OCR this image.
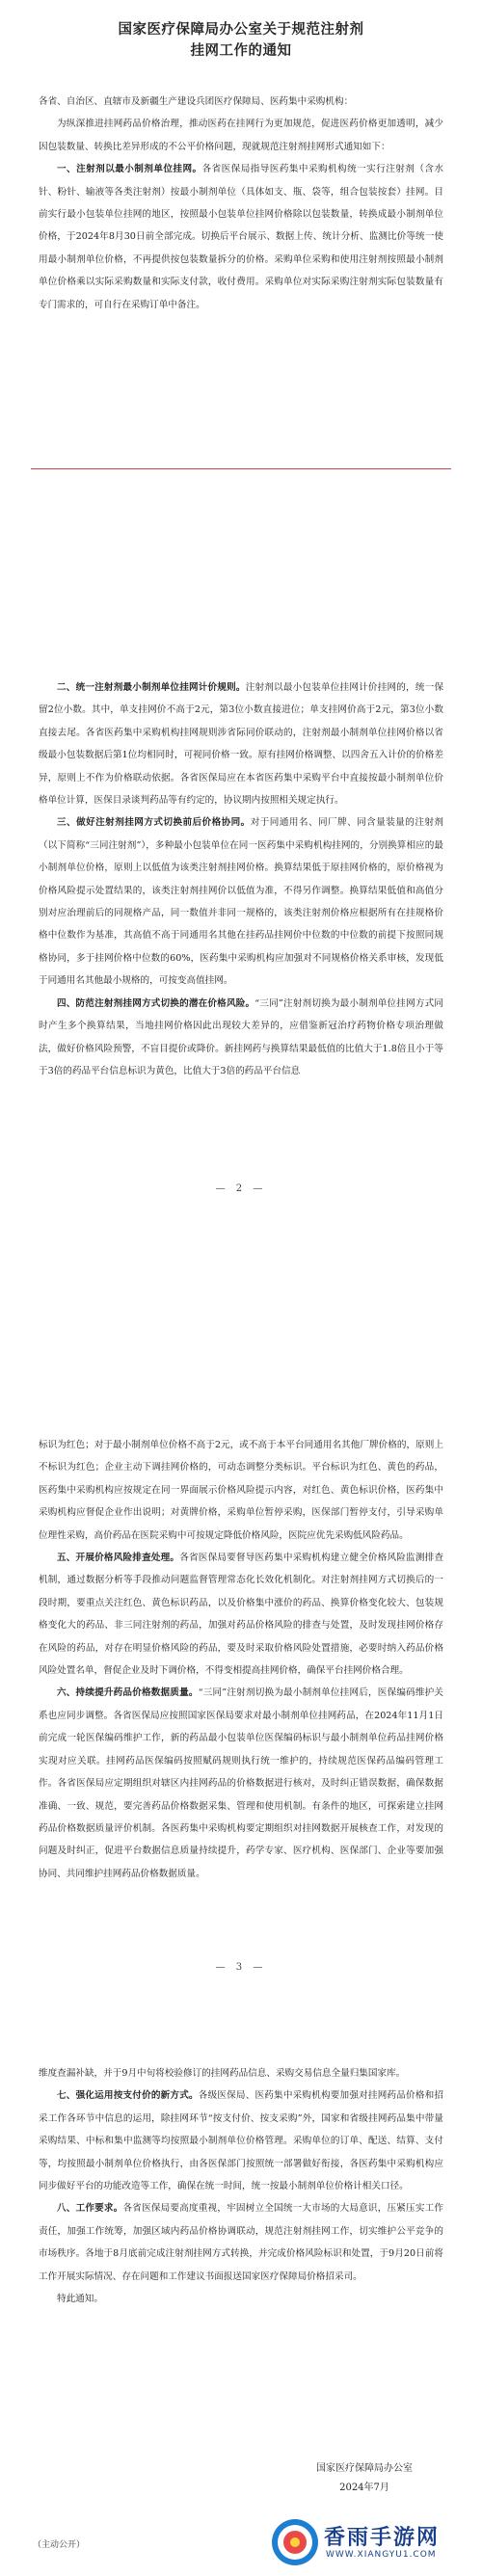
国家医疗保障局办公室关于规范注射剂
挂网工作的通知

各省、自治区、直辖市及新疆生产建设兵团医疗保障局、医药集中采购机构：

为纵深推进挂网药品价格治理，推动医药在挂网行为更加规范，促进医药价格更加透明，减少因包装数量、转换比差异形成的不公平价格问题，现就规范注射剂挂网形式通知如下：

一、注射剂以最小制剂单位挂网。各省医保局指导医药集中采购机构统一实行注射剂（含水针、粉针、输液等各类注射剂）按最小制剂单位（具体如支、瓶、袋等，组合包装按套）挂网。目前实行最小包装单位挂网的地区，按照最小包装单位挂网价格除以包装数量，转换成最小制剂单位价格，于2024年8月30日前全部完成。切换后平台展示、数据上传、统计分析、监测比价等统一使用最小制剂单位价格，不再提供按包装数量拆分的价格。采购单位采购和使用注射剂按照最小制剂单位价格乘以实际采购数量和实际支付款，收付费用。采购单位对实际采购注射剂实际包装数量有专门需求的，可自行在采购订单中备注。

二、统一注射剂最小制剂单位挂网计价规则。注射剂以最小包装单位挂网计价挂网的，统一保留2位小数。其中，单支挂网价不高于2元，第3位小数直接进位；单支挂网价高于2元，第3位小数直接去尾。各省医药集中采购机构挂网规则涉省际同价联动的，注射剂最小制剂单位挂网价格以省级最小包装数据后第1位均相同时，可视同价格一致。原有挂网价格调整、以四舍五入计价的价格差异，原则上不作为价格联动依据。各省医保局应在本省医药集中采购平台中直接按最小制剂单位价格单位计算，医保目录谈判药品等有约定的，协议期内按照相关规定执行。

三、做好注射剂挂网方式切换前后价格协同。对于同通用名、同厂牌、同含量装量的注射剂（以下简称“三同注射剂”），多种最小包装单位在同一医药集中采购机构挂网的，分别换算相应的最小制剂单位价格，原则上以低值为该类注射剂挂网价格。换算结果低于原挂网价格的，原价格视为价格风险提示处置结果的，该类注射剂挂网价以低值为准，不得另作调整。换算结果低值和高值分别对应治理前后的同规格产品，同一数值并非同一规格的，该类注射剂价格应根据所有在挂规格价格中位数作为基准，其高值不高于同通用名其他在挂药品挂网价中位数的中位数的前提下按照同规格协同，多于挂网价格中位数的60%，医药集中采购机构应加强对不同规格价格关系审核，发现低于同通用名其他最小规格的，可按变高值挂网。

四、防范注射剂挂网方式切换的潜在价格风险。“三同”注射剂切换为最小制剂单位挂网方式同时产生多个换算结果，当地挂网价格因此出现较大差异的，应借鉴新冠治疗药物价格专项治理做法，做好价格风险预警，不盲目提价或降价。新挂网药与换算结果最低值的比值大于1.8倍且小于等于3倍的药品平台信息标识为黄色，比值大于3倍的药品平台信息

— 2 —

标识为红色；对于最小制剂单位价格不高于2元，或不高于本平台同通用名其他厂牌价格的，原则上不标识为红色；企业主动下调挂网价格的，可动态调整分类标识。平台标识为红色、黄色的药品，医药集中采购机构应按规定在同一界面展示价格风险提示内容，对红色、黄色标识价格，医药集中采购机构应督促企业作出说明；对黄牌价格，采购单位暂停采购，医保部门暂停支付，引导采购单位理性采购，高价药品在医院采购中可按规定降低价格风险，医院应优先采购低风险药品。

五、开展价格风险排查处理。各省医保局要督导医药集中采购机构建立健全价格风险监测排查机制，通过数据分析等手段推动问题监督管理常态化长效化机制化。对注射剂挂网方式切换后的一段时期，要重点关注红色、黄色标识药品，以及价格集中涨价的药品、换算价格变化较大、包装规格变化大的药品、非三同注射剂的药品，加强对药品价格风险的排查与处置，及时发现挂网价格存在风险的药品，对存在明显价格风险的药品，要及时采取价格风险处置措施，必要时纳入药品价格风险处置名单，督促企业及时下调价格，不得变相提高挂网价格，确保平台挂网价格合理。

六、持续提升药品价格数据质量。“三同”注射剂切换为最小制剂单位挂网后，医保编码维护关系也应同步调整。各省医保局应按照国家医保局要求对最小制剂单位挂网药品，在2024年11月1日前完成一轮医保编码维护工作，新的药品最小包装单位医保编码标识与最小制剂单位药品挂网价格实现对应关联。挂网药品医保编码按照赋码规则执行统一维护的，持续规范医保药品编码管理工作。各省医保局应定期组织对辖区内挂网药品的价格数据进行核对，及时纠正错误数据，确保数据准确、一致、规范，要完善药品价格数据采集、管理和使用机制。有条件的地区，可探索建立挂网药品价格数据质量评价机制。各医药集中采购机构要定期组织对挂网数据开展核查工作，对发现的问题及时纠正，促进平台数据信息质量持续提升，药学专家、医疗机构、医保部门、企业等要加强协同、共同维护挂网药品价格数据质量。

— 3 —

维度查漏补缺，并于9月中旬将校验修订的挂网药品信息、采购交易信息全量归集国家库。

七、强化运用按支付价的新方式。各级医保局、医药集中采购机构要加强对挂网药品价格和招采工作各环节中信息的运用，除挂网环节“按支付价、按支采购”外，国家和省级挂网药品集中带量采购结果、中标和集中监测等均按照最小制剂单位价格管理。采购单位的订单、配送、结算、支付等，均按照最小制剂单位价格执行，由各医保部门按照统一部署做好衔接，各医药集中采购机构应同步做好平台的功能改造等工作，确保在统一时间，统一按最小制剂单位价格计相关口径。

八、工作要求。各省医保局要高度重视，牢固树立全国统一大市场的大局意识，压紧压实工作责任，加强工作统筹，加强区域内药品价格协调联动，规范注射剂挂网工作，切实维护公平竞争的市场秩序。各地于8月底前完成注射剂挂网方式转换，并完成价格风险标识和处置，于9月20日前将工作开展实际情况、存在问题和工作建议书面报送国家医疗保障局价格招采司。

特此通知。

国家医疗保障局办公室
2024年7月
（主动公开）	香雨手游网
WWW.XIANGYU1.COM
